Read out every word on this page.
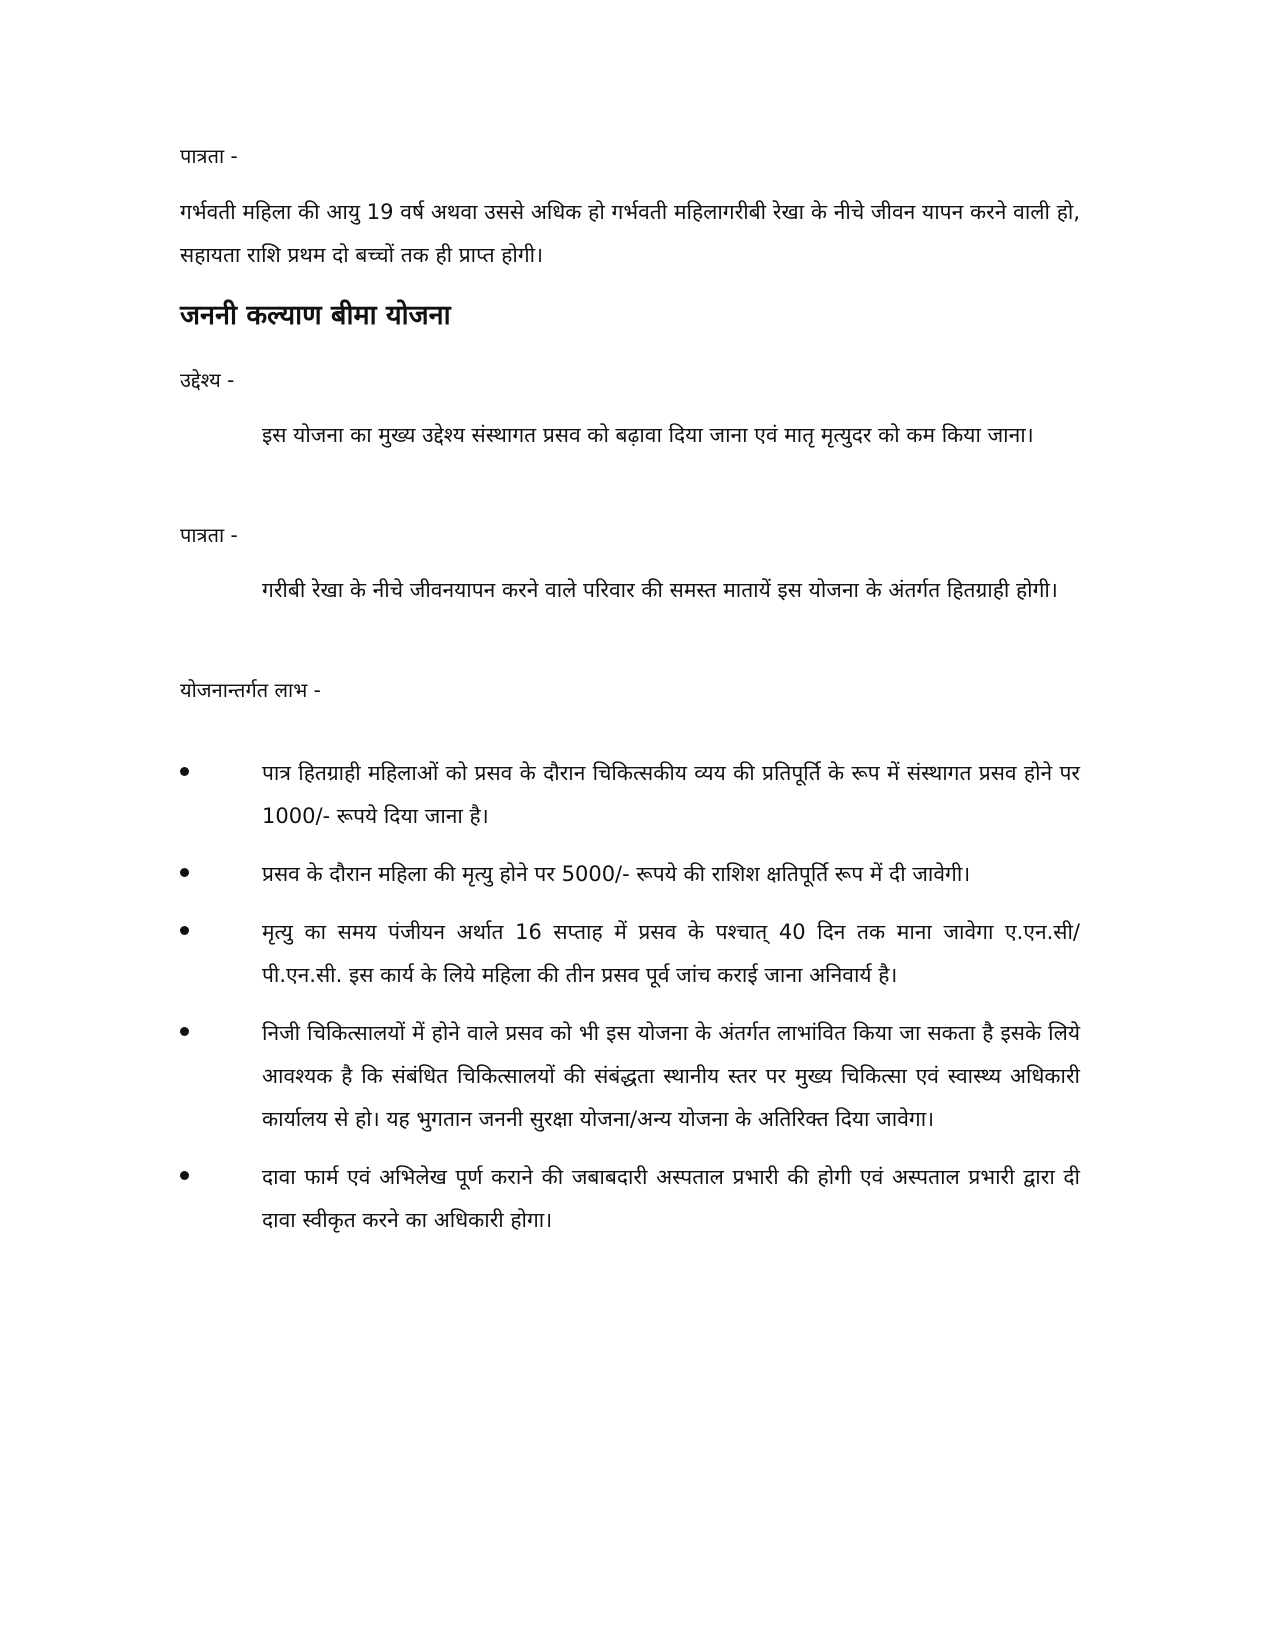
पात्रता -
गर्भवती महिला की आयु 19 वर्ष अथवा उससे अधिक हो गर्भवती महिलागरीबी रेखा के नीचे जीवन यापन करने वाली हो, सहायता राशि प्रथम दो बच्चों तक ही प्राप्त होगी।
जननी कल्याण बीमा योजना
उद्देश्य -
इस योजना का मुख्य उद्देश्य संस्थागत प्रसव को बढ़ावा दिया जाना एवं मातृ मृत्युदर को कम किया जाना।
पात्रता -
गरीबी रेखा के नीचे जीवनयापन करने वाले परिवार की समस्त मातायें इस योजना के अंतर्गत हितग्राही होगी।
योजनान्तर्गत लाभ -
पात्र हितग्राही महिलाओं को प्रसव के दौरान चिकित्सकीय व्यय की प्रतिपूर्ति के रूप में संस्थागत प्रसव होने पर 1000/- रूपये दिया जाना है।
प्रसव के दौरान महिला की मृत्यु होने पर 5000/- रूपये की राशिश क्षतिपूर्ति रूप में दी जावेगी।
मृत्यु का समय पंजीयन अर्थात 16 सप्ताह में प्रसव के पश्चात् 40 दिन तक माना जावेगा ए.एन.सी/पी.एन.सी. इस कार्य के लिये महिला की तीन प्रसव पूर्व जांच कराई जाना अनिवार्य है।
निजी चिकित्सालयों में होने वाले प्रसव को भी इस योजना के अंतर्गत लाभांवित किया जा सकता है इसके लिये आवश्यक है कि संबंधित चिकित्सालयों की संबंद्धता स्थानीय स्तर पर मुख्य चिकित्सा एवं स्वास्थ्य अधिकारी कार्यालय से हो। यह भुगतान जननी सुरक्षा योजना/अन्य योजना के अतिरिक्त दिया जावेगा।
दावा फार्म एवं अभिलेख पूर्ण कराने की जबाबदारी अस्पताल प्रभारी की होगी एवं अस्पताल प्रभारी द्वारा दी दावा स्वीकृत करने का अधिकारी होगा।
